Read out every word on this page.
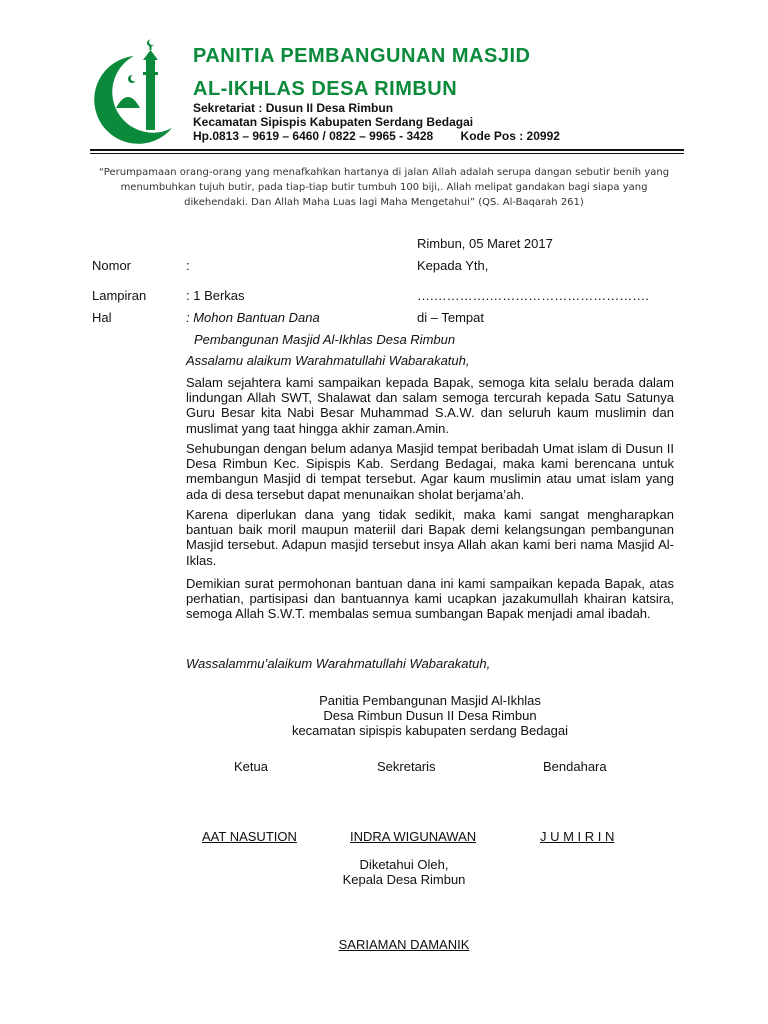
PANITIA PEMBANGUNAN MASJID
AL-IKHLAS DESA RIMBUN
Sekretariat : Dusun II Desa Rimbun
Kecamatan Sipispis Kabupaten Serdang Bedagai
Hp.0813 – 9619 – 6460 / 0822 – 9965 - 3428 Kode Pos : 20992
“Perumpamaan orang-orang yang menafkahkan hartanya di jalan Allah adalah serupa dangan sebutir benih yang
menumbuhkan tujuh butir, pada tiap-tiap butir tumbuh 100 biji,. Allah melipat gandakan bagi siapa yang
dikehendaki. Dan Allah Maha Luas lagi Maha Mengetahui” (QS. Al-Baqarah 261)
Rimbun, 05 Maret 2017
Nomor	:	Kepada Yth,
Lampiran	: 1 Berkas	….………….……………………………….
Hal	: Mohon Bantuan Dana	di – Tempat
Pembangunan Masjid Al-Ikhlas Desa Rimbun
Assalamu alaikum Warahmatullahi Wabarakatuh,

Salam sejahtera kami sampaikan kepada Bapak, semoga kita selalu berada dalam lindungan Allah SWT, Shalawat dan salam semoga tercurah kepada Satu Satunya Guru Besar kita Nabi Besar Muhammad S.A.W. dan seluruh kaum muslimin dan muslimat yang taat hingga akhir zaman.Amin.

Sehubungan dengan belum adanya Masjid tempat beribadah Umat islam di Dusun II Desa Rimbun Kec. Sipispis Kab. Serdang Bedagai, maka kami berencana untuk membangun Masjid di tempat tersebut. Agar kaum muslimin atau umat islam yang ada di desa tersebut dapat menunaikan sholat berjama’ah.

Karena diperlukan dana yang tidak sedikit, maka kami sangat mengharapkan bantuan baik moril maupun materiil dari Bapak demi kelangsungan pembangunan Masjid tersebut. Adapun masjid tersebut insya Allah akan kami beri nama Masjid Al-Iklas.

Demikian surat permohonan bantuan dana ini kami sampaikan kepada Bapak, atas perhatian, partisipasi dan bantuannya kami ucapkan jazakumullah khairan katsira, semoga Allah S.W.T. membalas semua sumbangan Bapak menjadi amal ibadah.

Wassalammu’alaikum Warahmatullahi Wabarakatuh,
Panitia Pembangunan Masjid Al-Ikhlas
Desa Rimbun Dusun II Desa Rimbun
kecamatan sipispis kabupaten serdang Bedagai
Ketua	Sekretaris	Bendahara
AAT NASUTION	INDRA WIGUNAWAN	J U M I R I N
Diketahui Oleh,
Kepala Desa Rimbun
SARIAMAN DAMANIK
